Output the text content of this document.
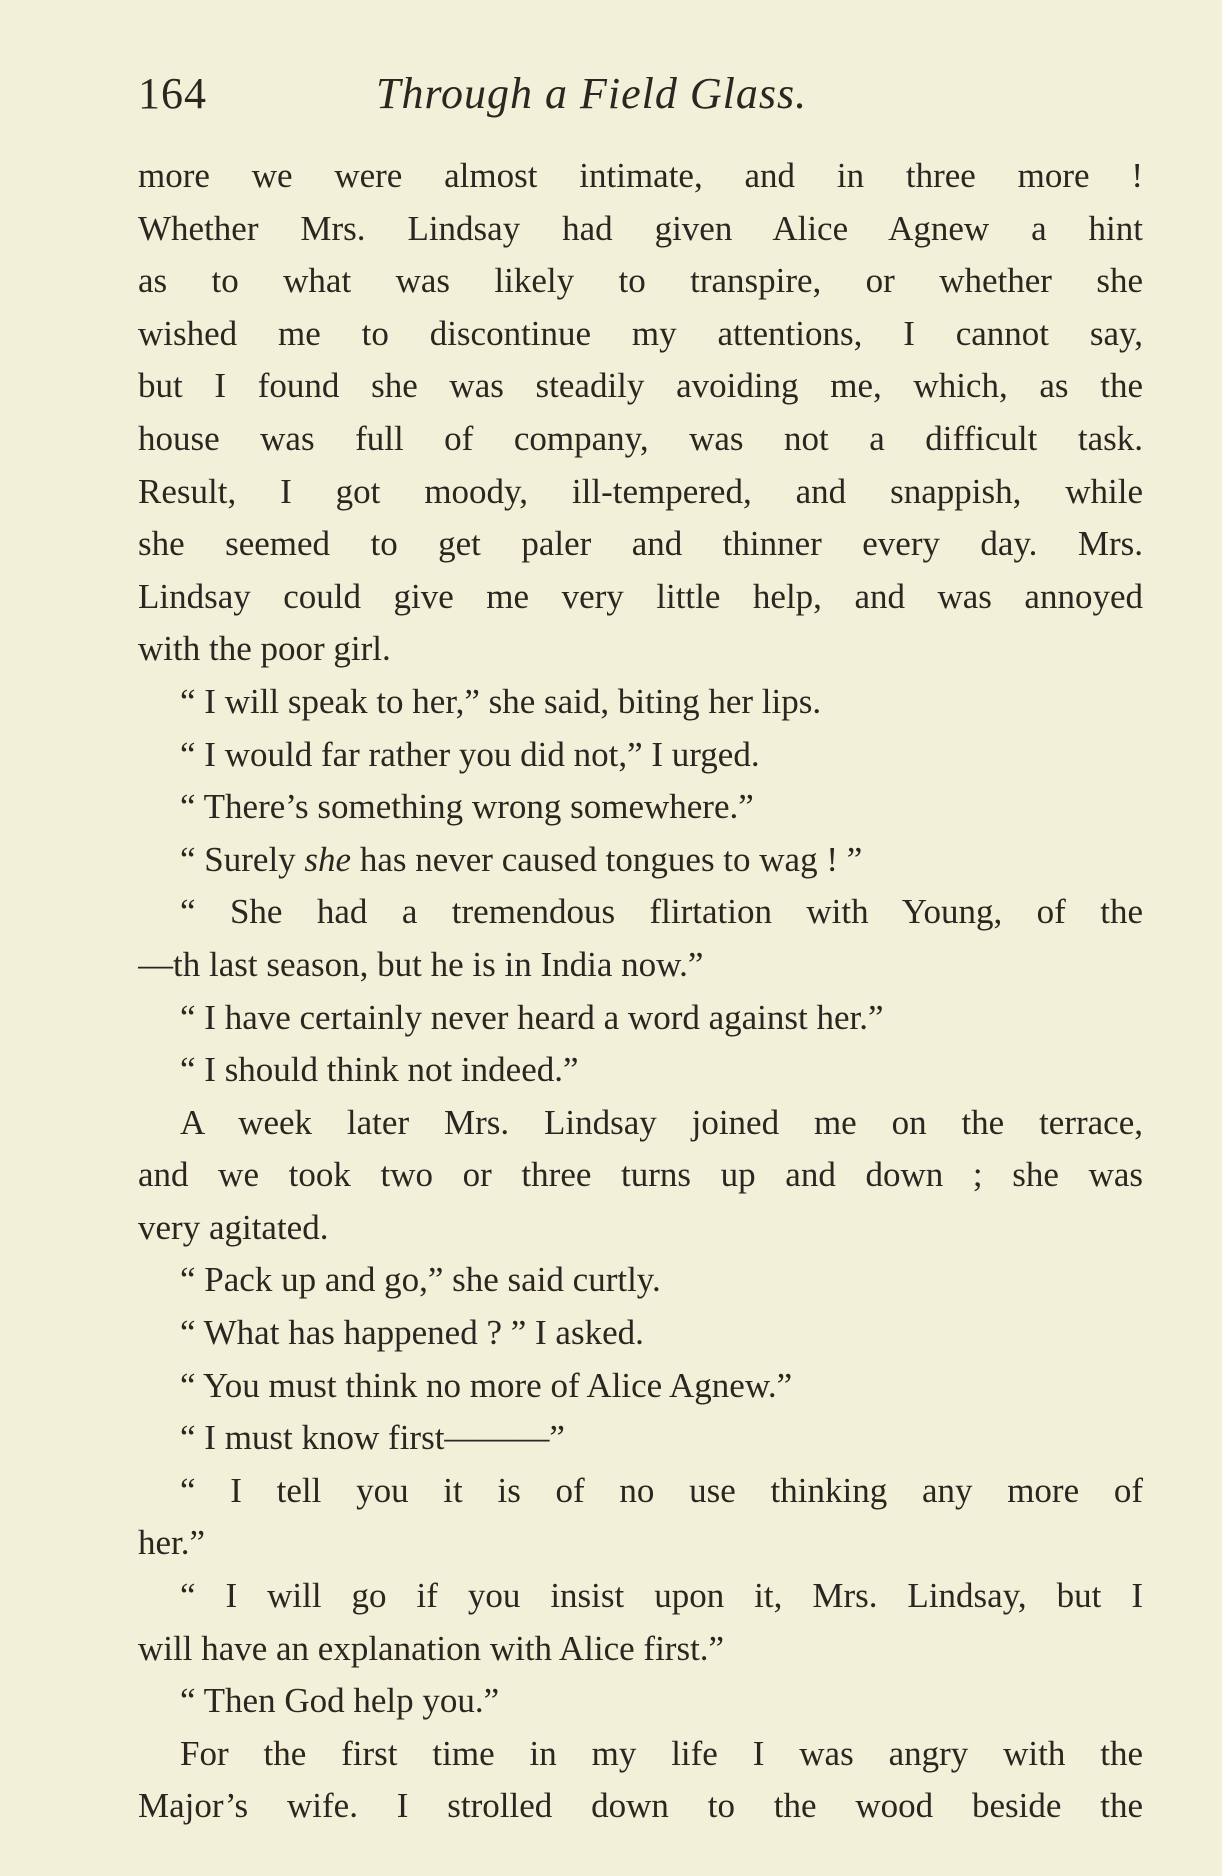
164	Through a Field Glass.
more we were almost intimate, and in three more !
Whether Mrs. Lindsay had given Alice Agnew a hint
as to what was likely to transpire, or whether she
wished me to discontinue my attentions, I cannot say,
but I found she was steadily avoiding me, which, as the
house was full of company, was not a difficult task.
Result, I got moody, ill-tempered, and snappish, while
she seemed to get paler and thinner every day. Mrs.
Lindsay could give me very little help, and was annoyed
with the poor girl.
“ I will speak to her,” she said, biting her lips.
“ I would far rather you did not,” I urged.
“ There’s something wrong somewhere.”
“ Surely she has never caused tongues to wag ! ”
“ She had a tremendous flirtation with Young, of the
—th last season, but he is in India now.”
“ I have certainly never heard a word against her.”
“ I should think not indeed.”
A week later Mrs. Lindsay joined me on the terrace,
and we took two or three turns up and down ; she was
very agitated.
“ Pack up and go,” she said curtly.
“ What has happened ? ” I asked.
“ You must think no more of Alice Agnew.”
“ I must know first———”
“ I tell you it is of no use thinking any more of
her.”
“ I will go if you insist upon it, Mrs. Lindsay, but I
will have an explanation with Alice first.”
“ Then God help you.”
For the first time in my life I was angry with the
Major’s wife. I strolled down to the wood beside the
